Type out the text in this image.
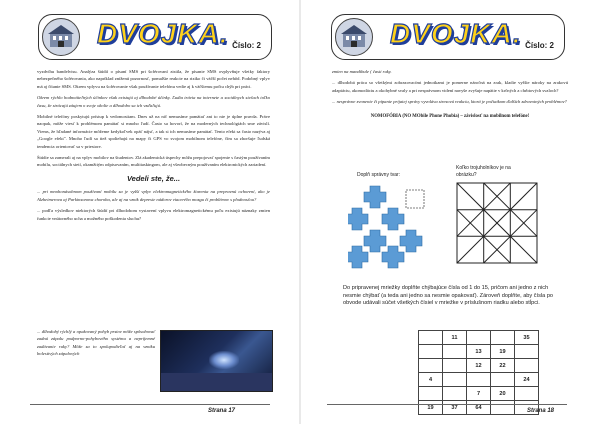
DVOJKA. Číslo: 2

vyzdvíhu bandelvisu. Analýza štúdií o písaní SMS pri šoférovaní zistila, že písanie SMS ovplyvňuje všetky faktory nebezpečného šoférovania, ako napríklad zníženú pozornosť, pomalšie reakcie na riziko či väčší počet nehôd. Podobný vplyv má aj čítanie SMS. Okrem vplyvu na šoférovanie však používanie telefónu vedie aj k väčšiemu počtu chýb pri práci.

Okrem rýchlo hodnotiteľných účinkov však existujú aj dlhodobé účinky. Ľudia trávia na internete a sociálnych sieťach toľko času, že strácajú záujem o svoje okolie a dlhodobo sa ich vzďaľujú.

Mobilné telefóny poskytujú prístup k vedomostiam. Dnes už na nič nemusíme pamätať ani to nie je úplne pravda. Práve naopak, môže viesť k problémom pamätať si mnoho ľudí. Často sa hovorí, že na moderných technológiách sme závislí. Viems, že hľadané informácie môžeme kedykoľvek opäť nájsť, a tak si ich nemusíme pamätať. Tento efekt sa často nazýva aj „Google efekt". Mnoho ľudí sa tiež spoliehajú na mapy či GPS vo svojom mobilnom telefóne, čím sa zhoršuje ľudská tendencia orientovať sa v priestore.

Štúdie sa zamerali aj na vplyv mobilov na študentov. Zlá akademická úspechy môžu prepojovať spojenie s častým používaním mobilu, sociálnych sietí, okamžitým odpisovaním, multitaskingom, ale aj všeobecným používaním elektronických zariadení.

Vedeli ste, že...

... pri mnohonásobnom používaní mobilu sa je vyšší vplyv elektromagnetického žiarenia na prepravnú ochorení, ako je Alzheimerova aj Parkinsonova choroba, ale aj na vznik depresie nádorov viacerého mozgu či problémov s plodnosťou?

... podľa výsledkov niektorých štúdií pri dlhodobom vystavení vplyvu elektromagnetickému poľu existujú náznaky zmien funkcie vnútorného ucha a možného poškodenia sluchu?

... dlhodobý rýchlý a opakovaný pohyb prstov môže spôsobovať zadnú zápalu podporno-pohybového systému a nepríjemné zadávanie ruky? Môže sa to spolupodieľať aj na vzniku bolestivých zápalových
Strana 17
DVOJKA. Číslo: 2

zmien na mandibule ( časti ruky.

... dlhodobá práca so všetkými zobrazovacími jednotkami je pomerne náročná na zrak, kladie vyššie nároky na zrakovú adaptáciu, akomodáciu a okohybné svaly a pri nesprávnom videní navyše zvyšuje napätie v krčných a chrbtových svaloch?

... nesprávne zvonenie či pípanie prijatej správy vyvoláva stresovú reakciu, ktorá je počiatkom ďalších zdravotných problémov?

NOMOFÓBIA (NO MObile Phone Phobia) – závislosť na mobilnom telefóne!
Doplň správny tvar:
Koľko trojuholníkov je na obrázku?
Do pripravenej mriežky doplňte chýbajúce čísla od 1 do 15, pričom ani jedno z nich nesmie chýbať (a teda ani jedno sa nesmie opakovať). Zároveň doplňte, aby čísla po obvode udávali súčet všetkých čísiel v mriežke v príslušnom riadku alebo stĺpci.
	11			35
		13	19	
		12	22	
4				24
		7	20	
19	37	64		
Strana 18
